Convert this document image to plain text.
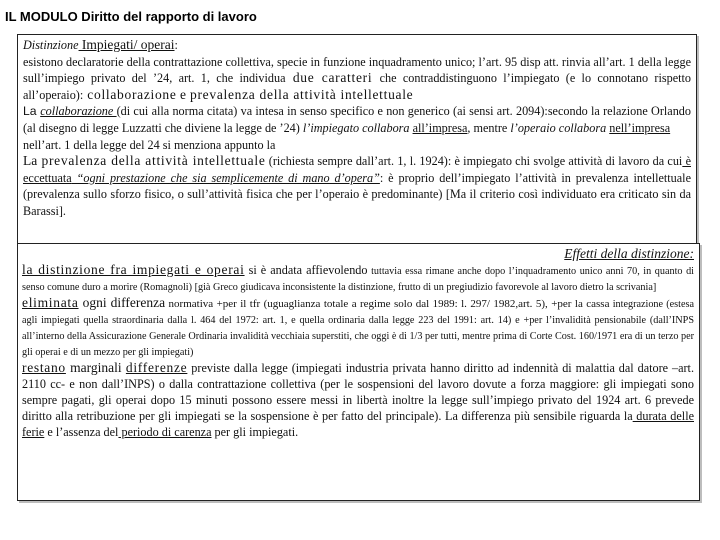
IL MODULO Diritto del rapporto di lavoro

Distinzione Impiegati/ operai:

esistono declaratorie della contrattazione collettiva, specie in funzione inquadramento unico; l’art. 95 disp att. rinvia all’art. 1 della legge sull’impiego privato del ’24, art. 1, che individua due caratteri che contraddistinguono l’impiegato (e lo connotano rispetto all’operaio): collaborazione e prevalenza della attività intellettuale

La collaborazione (di cui alla norma citata) va intesa in senso specifico e non generico (ai sensi art. 2094):secondo la relazione Orlando (al disegno di legge Luzzatti che diviene la legge de ’24) l’impiegato collabora all’impresa, mentre l’operaio collabora nell’impresa

nell’art. 1 della legge del 24 si menziona appunto la

La prevalenza della attività intellettuale (richiesta sempre dall’art. 1, l. 1924): è impiegato chi svolge attività di lavoro da cui è eccettuata “ogni prestazione che sia semplicemente di mano d’opera”: è proprio dell’impiegato l’attività in prevalenza intellettuale (prevalenza sullo sforzo fisico, o sull’attività fisica che per l’operaio è predominante) [Ma il criterio così individuato era criticato sin da Barassi].

Effetti della distinzione:

la distinzione fra impiegati e operai si è andata affievolendo tuttavia essa rimane anche dopo l’inquadramento unico anni 70, in quanto di senso comune duro a morire (Romagnoli) [già Greco giudicava inconsistente la distinzione, frutto di un pregiudizio favorevole al lavoro dietro la scrivania]

eliminata ogni differenza normativa +per il tfr (uguaglianza totale a regime solo dal 1989: l. 297/ 1982,art. 5), +per la cassa integrazione (estesa agli impiegati quella straordinaria dalla l. 464 del 1972: art. 1, e quella ordinaria dalla legge 223 del 1991: art. 14) e +per l’invalidità pensionabile (dall’INPS all’interno della Assicurazione Generale Ordinaria invalidità vecchiaia superstiti, che oggi è di 1/3 per tutti, mentre prima di Corte Cost. 160/1971 era di un terzo per gli operai e di un mezzo per gli impiegati)

restano marginali differenze previste dalla legge (impiegati industria privata hanno diritto ad indennità di malattia dal datore –art. 2110 cc- e non dall’INPS) o dalla contrattazione collettiva (per le sospensioni del lavoro dovute a forza maggiore: gli impiegati sono sempre pagati, gli operai dopo 15 minuti possono essere messi in libertà inoltre la legge sull’impiego privato del 1924 art. 6 prevede diritto alla retribuzione per gli impiegati se la sospensione è per fatto del principale). La differenza più sensibile riguarda la durata delle ferie e l’assenza del periodo di carenza per gli impiegati.
